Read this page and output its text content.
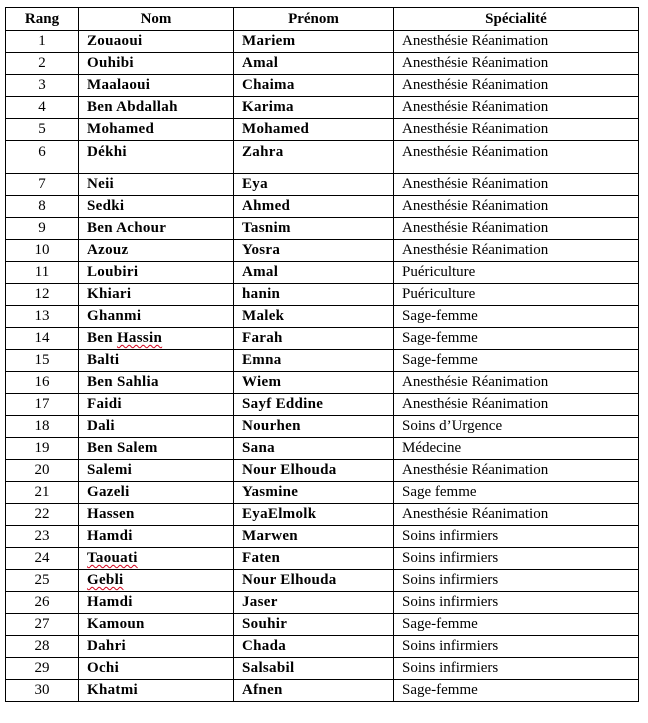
Rang	Nom	Prénom	Spécialité
1	Zouaoui	Mariem	Anesthésie Réanimation
2	Ouhibi	Amal	Anesthésie Réanimation
3	Maalaoui	Chaima	Anesthésie Réanimation
4	Ben Abdallah	Karima	Anesthésie Réanimation
5	Mohamed	Mohamed	Anesthésie Réanimation
6	Dékhi	Zahra	Anesthésie Réanimation
7	Neii	Eya	Anesthésie Réanimation
8	Sedki	Ahmed	Anesthésie Réanimation
9	Ben Achour	Tasnim	Anesthésie Réanimation
10	Azouz	Yosra	Anesthésie Réanimation
11	Loubiri	Amal	Puériculture
12	Khiari	hanin	Puériculture
13	Ghanmi	Malek	Sage-femme
14	Ben Hassin	Farah	Sage-femme
15	Balti	Emna	Sage-femme
16	Ben Sahlia	Wiem	Anesthésie Réanimation
17	Faidi	Sayf Eddine	Anesthésie Réanimation
18	Dali	Nourhen	Soins d’Urgence
19	Ben Salem	Sana	Médecine
20	Salemi	Nour Elhouda	Anesthésie Réanimation
21	Gazeli	Yasmine	Sage femme
22	Hassen	EyaElmolk	Anesthésie Réanimation
23	Hamdi	Marwen	Soins infirmiers
24	Taouati	Faten	Soins infirmiers
25	Gebli	Nour Elhouda	Soins infirmiers
26	Hamdi	Jaser	Soins infirmiers
27	Kamoun	Souhir	Sage-femme
28	Dahri	Chada	Soins infirmiers
29	Ochi	Salsabil	Soins infirmiers
30	Khatmi	Afnen	Sage-femme
